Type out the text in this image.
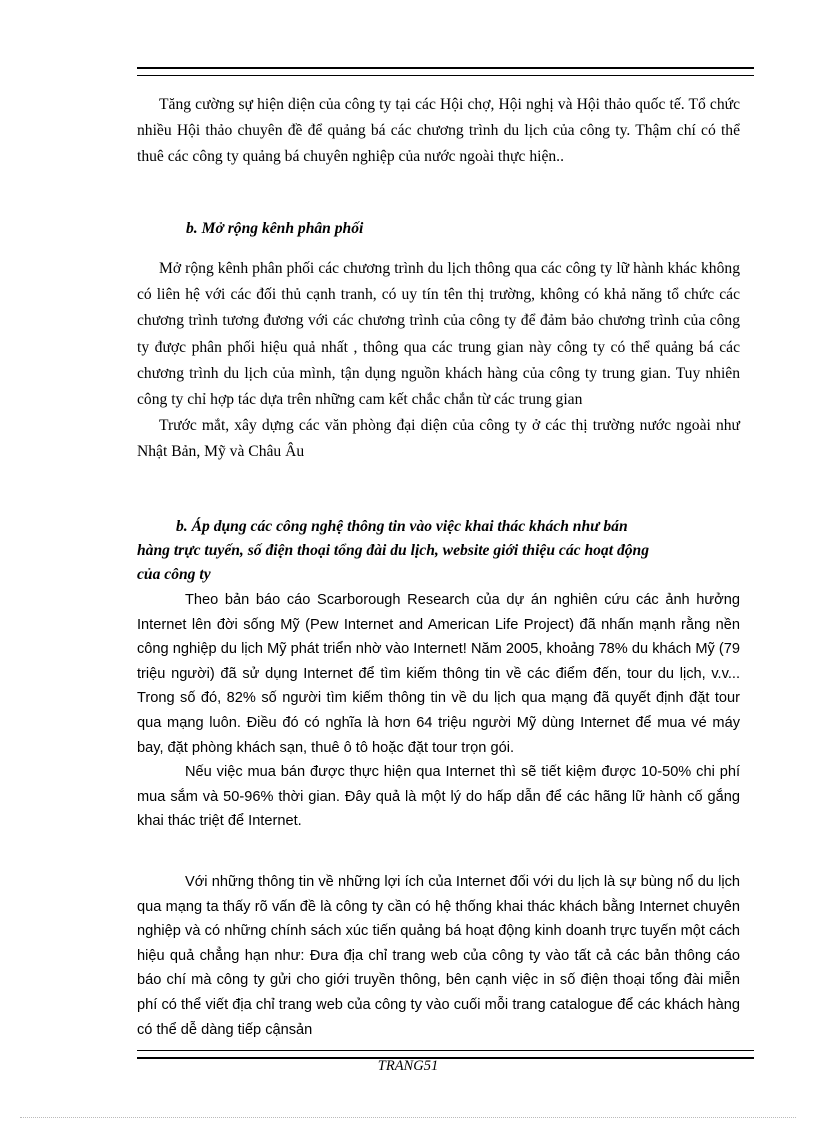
Tăng cường sự hiện diện của công ty tại các Hội chợ, Hội nghị và Hội thảo quốc tế. Tổ chức nhiều Hội thảo chuyên đề để quảng bá các chương trình du lịch của công ty. Thậm chí có thể thuê các công ty quảng bá chuyên nghiệp của nước ngoài thực hiện..

b. Mở rộng kênh phân phối

Mở rộng kênh phân phối các chương trình du lịch thông qua các công ty lữ hành khác không có liên hệ với các đối thủ cạnh tranh, có uy tín tên thị trường, không có khả năng tổ chức các chương trình tương đương với các chương trình của công ty để đảm bảo chương trình của công ty được phân phối hiệu quả nhất , thông qua các trung gian này công ty có thể quảng bá các chương trình du lịch của mình, tận dụng nguồn khách hàng của công ty trung gian. Tuy nhiên công ty chỉ hợp tác dựa trên những cam kết chắc chắn từ các trung gian

Trước mắt, xây dựng các văn phòng đại diện của công ty ở các thị trường nước ngoài như Nhật Bản, Mỹ và Châu Âu

b. Áp dụng các công nghệ thông tin vào việc khai thác khách như bán
hàng trực tuyến, số điện thoại tổng đài du lịch, website giới thiệu các hoạt động
của công ty

Theo bản báo cáo Scarborough Research của dự án nghiên cứu các ảnh hưởng Internet lên đời sống Mỹ (Pew Internet and American Life Project) đã nhấn mạnh rằng nền công nghiệp du lịch Mỹ phát triển nhờ vào Internet! Năm 2005, khoảng 78% du khách Mỹ (79 triệu người) đã sử dụng Internet để tìm kiếm thông tin về các điểm đến, tour du lịch, v.v... Trong số đó, 82% số người tìm kiếm thông tin về du lịch qua mạng đã quyết định đặt tour qua mạng luôn. Điều đó có nghĩa là hơn 64 triệu người Mỹ dùng Internet để mua vé máy bay, đặt phòng khách sạn, thuê ô tô hoặc đặt tour trọn gói.

Nếu việc mua bán được thực hiện qua Internet thì sẽ tiết kiệm được 10-50% chi phí mua sắm và 50-96% thời gian. Đây quả là một lý do hấp dẫn để các hãng lữ hành cố gắng khai thác triệt để Internet.

Với những thông tin về những lợi ích của Internet đối với du lịch là sự bùng nổ du lịch qua mạng ta thấy rõ vấn đề là công ty cần có hệ thống khai thác khách bằng Internet chuyên nghiệp và có những chính sách xúc tiến quảng bá hoạt động kinh doanh trực tuyến một cách hiệu quả chẳng hạn như: Đưa địa chỉ trang web của công ty vào tất cả các bản thông cáo báo chí mà công ty gửi cho giới truyền thông, bên cạnh việc in số điện thoại tổng đài miễn phí có thể viết địa chỉ trang web của công ty vào cuối mỗi trang catalogue để các khách hàng có thể dễ dàng tiếp cậnsản

TRANG51
